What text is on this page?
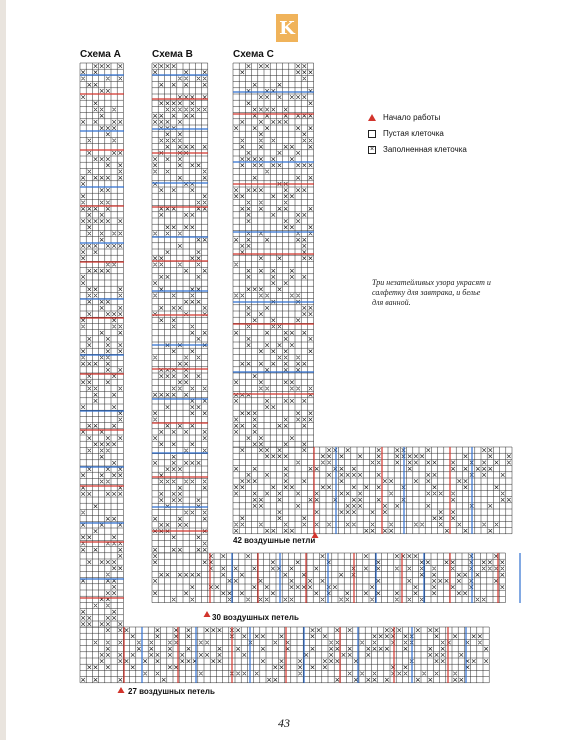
K
Схема A	Схема B	Схема C
Начало работы
Пустая клеточка
× Заполненная клеточка
Три незатейливых узора украсят и салфетку для завтрака, и белье для ванной.
42 воздушные петли
30 воздушных петель
27 воздушных петель
43
